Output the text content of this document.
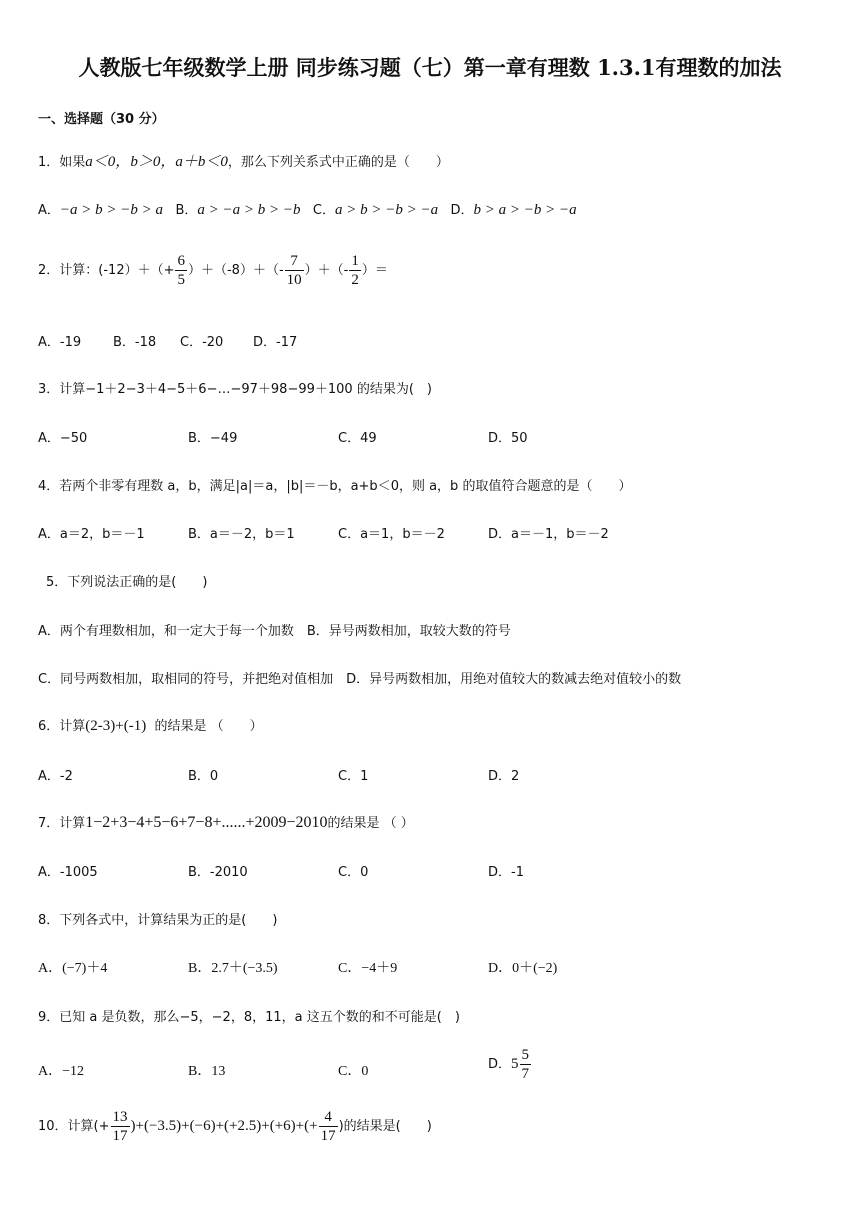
人教版七年级数学上册 同步练习题（七）第一章有理数 1.3.1有理数的加法
一、选择题（30 分）
1．如果a＜0，b＞0，a＋b＜0，那么下列关系式中正确的是（　　）
A．−a > b > −b > a B．a > −a > b > −b C．a > b > −b > −a D．b > a > −b > −a
2．计算：$(-12)+(+ \frac{6}{5} )+(-8)+(- \frac{7}{10}$ ）＋（- $\frac{1}{2}$ ）＝
A．-19 B．-18 C．-20 D．-17
3．计算−1＋2−3＋4−5＋6−…−97＋98−99＋100 的结果为(　)
A．−50	B．−49	C．49	D．50
4．若两个非零有理数 a，b，满足|a|＝a，|b|＝－b，a+b＜0，则 a，b 的取值符合题意的是（　　）
A．a＝2，b＝－1	B．a＝－2，b＝1	C．a＝1，b＝－2	D．a＝－1，b＝－2
5．下列说法正确的是(　　)
A．两个有理数相加，和一定大于每一个加数　B．异号两数相加，取较大数的符号
C．同号两数相加，取相同的符号，并把绝对值相加　D．异号两数相加，用绝对值较大的数减去绝对值较小的数
6．计算(2-3)+(-1) 的结果是 （　　）
A．-2	B．0	C．1	D．2
7．计算1−2+3−4+5−6+7−8+......+2009−2010的结果是 （ ）
A．-1005	B．-2010	C．0	D．-1
8．下列各式中，计算结果为正的是(　　)
A．(−7)＋4	B．2.7＋(−3.5)	C．−4＋9	D．0＋(−2)
9．已知 a 是负数，那么−5，−2，8，11，a 这五个数的和不可能是(　)
A．−12	B．13	C．0	D．$5 \frac{5}{7}$
10．计算(+ $\frac{13}{17} )+(-3.5)+(-6)+(+2.5)+(+6)+(+ \frac{4}{17}$ )的结果是(　　)
